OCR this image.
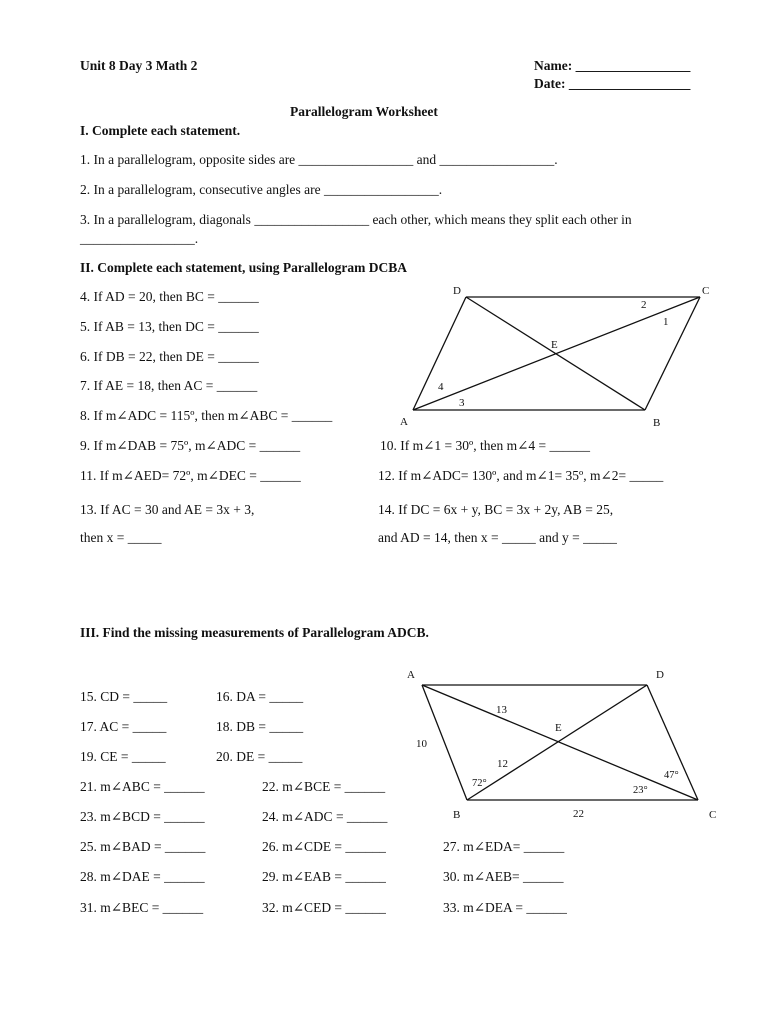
Unit 8 Day 3 Math 2	Name: _________________
Date: __________________
Parallelogram Worksheet
I. Complete each statement.
1. In a parallelogram, opposite sides are _________________ and _________________.
2. In a parallelogram, consecutive angles are _________________.
3. In a parallelogram, diagonals _________________ each other, which means they split each other in
_________________.
II. Complete each statement, using Parallelogram DCBA
4. If AD = 20, then BC = ______
5. If AB = 13, then DC = ______
6. If DB = 22, then DE = ______
7. If AE = 18, then AC = ______
8. If m∠ADC = 115º, then m∠ABC = ______
9. If m∠DAB = 75º, m∠ADC = ______	10. If m∠1 = 30º, then m∠4 = ______
11. If m∠AED= 72º, m∠DEC = ______	12. If m∠ADC= 130º, and m∠1= 35º, m∠2= _____
13. If AC = 30 and AE = 3x + 3,
then x = _____
14. If DC = 6x + y, BC = 3x + 2y, AB = 25,
and AD = 14, then x = _____ and y = _____
D	C
A	B
E
1
2
3
4
III. Find the missing measurements of Parallelogram ADCB.
15. CD = _____	16. DA = _____
17. AC = _____	18. DB = _____
19. CE = _____	20. DE = _____
21. m∠ABC = ______	22. m∠BCE = ______
23. m∠BCD = ______	24. m∠ADC = ______
25. m∠BAD = ______	26. m∠CDE = ______	27. m∠EDA= ______
28. m∠DAE = ______	29. m∠EAB = ______	30. m∠AEB= ______
31. m∠BEC = ______	32. m∠CED = ______	33. m∠DEA = ______
A	D
B	C
E
13
10
12
22
72°
47°
23°
